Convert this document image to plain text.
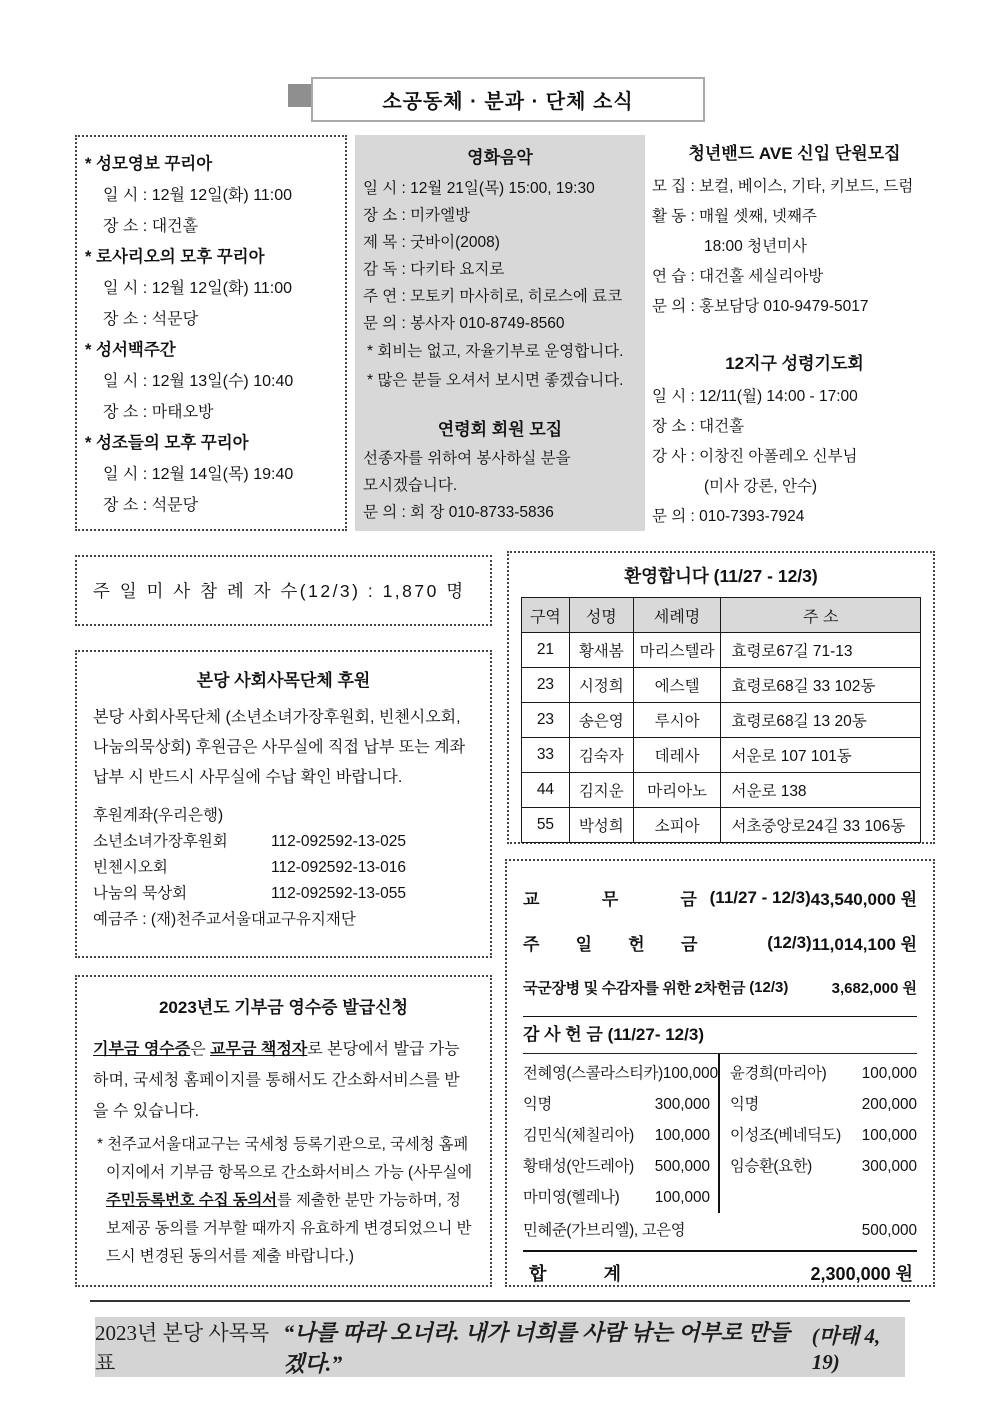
소공동체 · 분과 · 단체 소식
* 성모영보 꾸리아
일 시 : 12월 12일(화) 11:00
장 소 : 대건홀
* 로사리오의 모후 꾸리아
일 시 : 12월 12일(화) 11:00
장 소 : 석문당
* 성서백주간
일 시 : 12월 13일(수) 10:40
장 소 : 마태오방
* 성조들의 모후 꾸리아
일 시 : 12월 14일(목) 19:40
장 소 : 석문당
영화음악
일 시 : 12월 21일(목) 15:00, 19:30
장 소 : 미카엘방
제 목 : 굿바이(2008)
감 독 : 다키타 요지로
주 연 : 모토키 마사히로, 히로스에 료코
문 의 : 봉사자 010-8749-8560
* 회비는 없고, 자율기부로 운영합니다.
* 많은 분들 오셔서 보시면 좋겠습니다.
연령회 회원 모집
선종자를 위하여 봉사하실 분을
모시겠습니다.
문 의 : 회 장 010-8733-5836
청년밴드 AVE 신입 단원모집
모 집 : 보컬, 베이스, 기타, 키보드, 드럼
활 동 : 매월 셋째, 넷째주
18:00 청년미사
연 습 : 대건홀 세실리아방
문 의 : 홍보담당 010-9479-5017
12지구 성령기도회
일 시 : 12/11(월) 14:00 - 17:00
장 소 : 대건홀
강 사 : 이창진 아폴레오 신부님
(미사 강론, 안수)
문 의 : 010-7393-7924
주 일 미 사 참 례 자 수(12/3) : 1,870 명
환영합니다 (11/27 - 12/3)
구역	성명	세례명	주 소
21	황새봄	마리스텔라	효령로67길 71-13
23	시정희	에스텔	효령로68길 33 102동
23	송은영	루시아	효령로68길 13 20동
33	김숙자	데레사	서운로 107 101동
44	김지운	마리아노	서운로 138
55	박성희	소피아	서초중앙로24길 33 106동
본당 사회사목단체 후원
본당 사회사목단체 (소년소녀가장후원회, 빈첸시오회, 나눔의묵상회) 후원금은 사무실에 직접 납부 또는 계좌 납부 시 반드시 사무실에 수납 확인 바랍니다.
후원계좌(우리은행)
소년소녀가장후원회	112-092592-13-025
빈첸시오회	112-092592-13-016
나눔의 묵상회	112-092592-13-055
예금주 : (재)천주교서울대교구유지재단
2023년도 기부금 영수증 발급신청
기부금 영수증은 교무금 책정자로 본당에서 발급 가능하며, 국세청 홈페이지를 통해서도 간소화서비스를 받을 수 있습니다.
* 천주교서울대교구는 국세청 등록기관으로, 국세청 홈페이지에서 기부금 항목으로 간소화서비스 가능 (사무실에 주민등록번호 수집 동의서를 제출한 분만 가능하며, 정보제공 동의를 거부할 때까지 유효하게 변경되었으니 반드시 변경된 동의서를 제출 바랍니다.)
교 무 금 (11/27 - 12/3) 43,540,000 원
주 일 헌 금	(12/3) 11,014,100 원
국군장병 및 수감자를 위한 2차헌금 (12/3)	3,682,000 원
감 사 헌 금 (11/27- 12/3)
전혜영(스콜라스티카) 100,000
익명	300,000
김민식(체칠리아)	100,000
황태성(안드레아)	500,000
마미영(헬레나)	100,000
윤경희(마리아)	100,000
익명	200,000
이성조(베네딕도)	100,000
임승환(요한)	300,000
민혜준(가브리엘), 고은영	500,000
합 계	2,300,000 원
2023년 본당 사목목표
“나를 따라 오너라. 내가 너희를 사람 낚는 어부로 만들겠다.”
(마태 4, 19)
